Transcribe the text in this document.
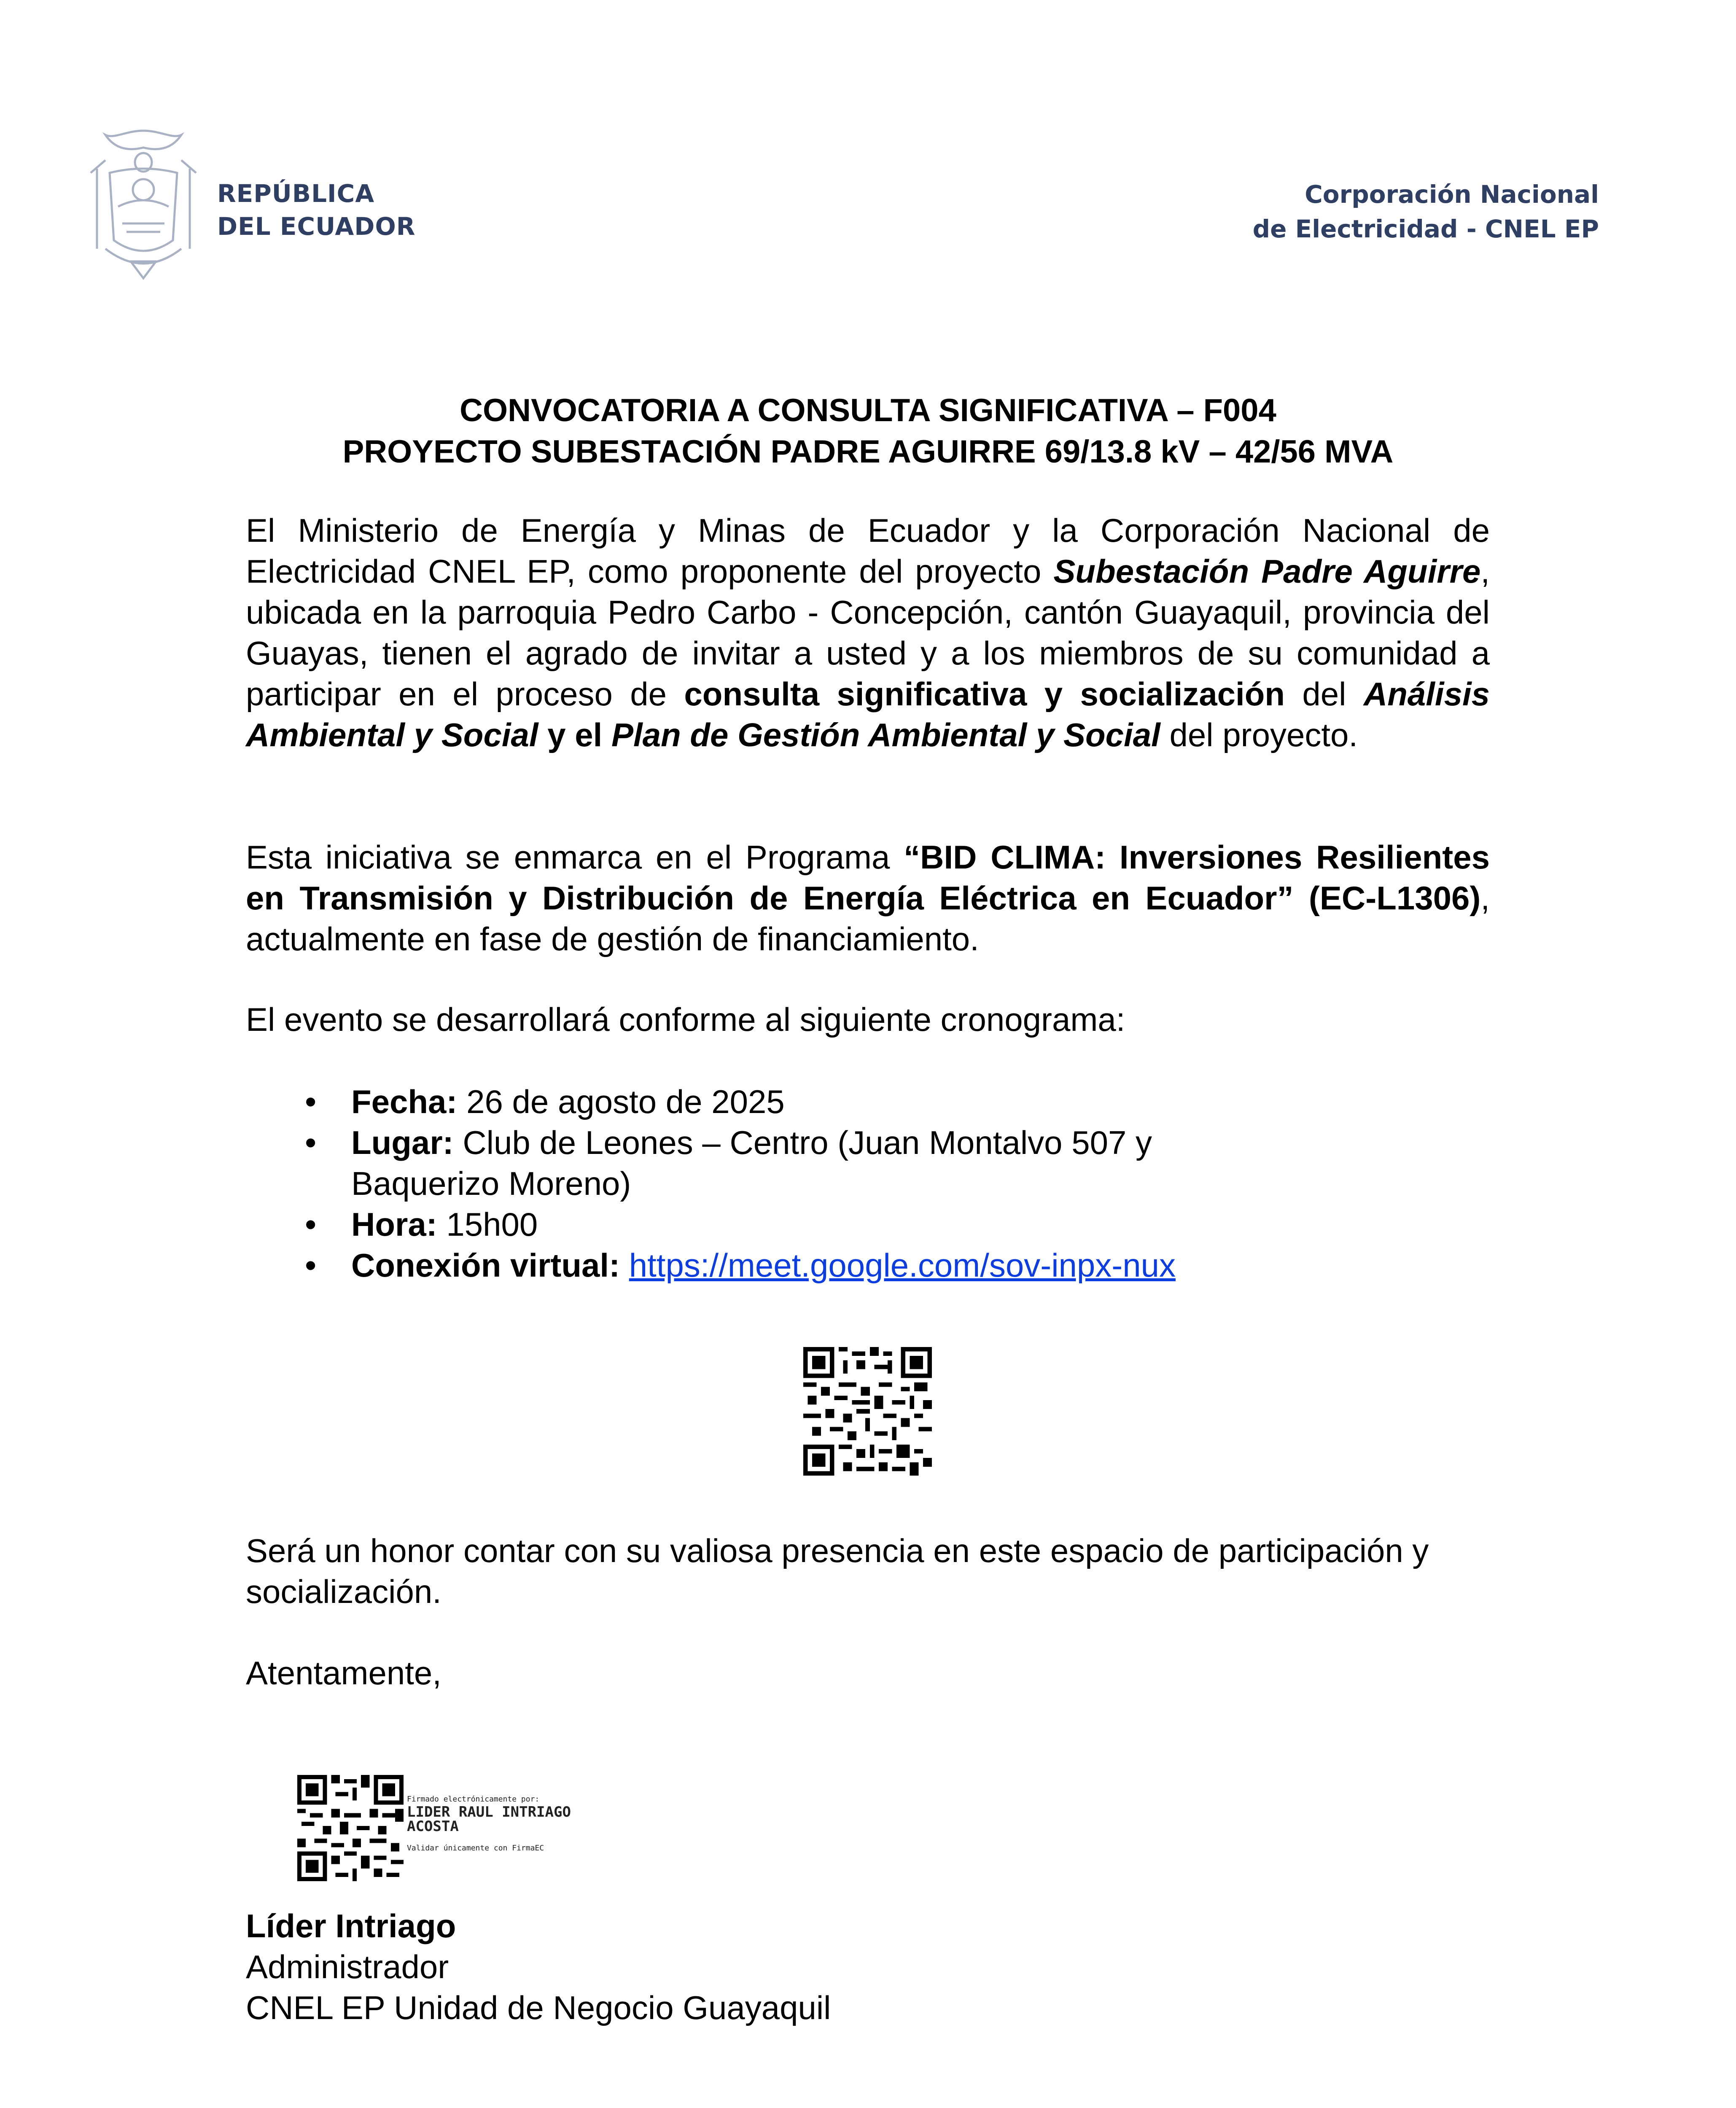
REPÚBLICA
DEL ECUADOR
Corporación Nacional
de Electricidad - CNEL EP
CONVOCATORIA A CONSULTA SIGNIFICATIVA – F004
PROYECTO SUBESTACIÓN PADRE AGUIRRE 69/13.8 kV – 42/56 MVA
El Ministerio de Energía y Minas de Ecuador y la Corporación Nacional de Electricidad CNEL EP, como proponente del proyecto Subestación Padre Aguirre, ubicada en la parroquia Pedro Carbo - Concepción, cantón Guayaquil, provincia del Guayas, tienen el agrado de invitar a usted y a los miembros de su comunidad a participar en el proceso de consulta significativa y socialización del Análisis Ambiental y Social y el Plan de Gestión Ambiental y Social del proyecto.
Esta iniciativa se enmarca en el Programa “BID CLIMA: Inversiones Resilientes en Transmisión y Distribución de Energía Eléctrica en Ecuador” (EC-L1306), actualmente en fase de gestión de financiamiento.
El evento se desarrollará conforme al siguiente cronograma:
• Fecha: 26 de agosto de 2025
• Lugar: Club de Leones – Centro (Juan Montalvo 507 y Baquerizo Moreno)
• Hora: 15h00
• Conexión virtual: https://meet.google.com/sov-inpx-nux
Será un honor contar con su valiosa presencia en este espacio de participación y socialización.
Atentamente,
Firmado electrónicamente por:
LIDER RAUL INTRIAGO
ACOSTA
Validar únicamente con FirmaEC
Líder Intriago
Administrador
CNEL EP Unidad de Negocio Guayaquil
